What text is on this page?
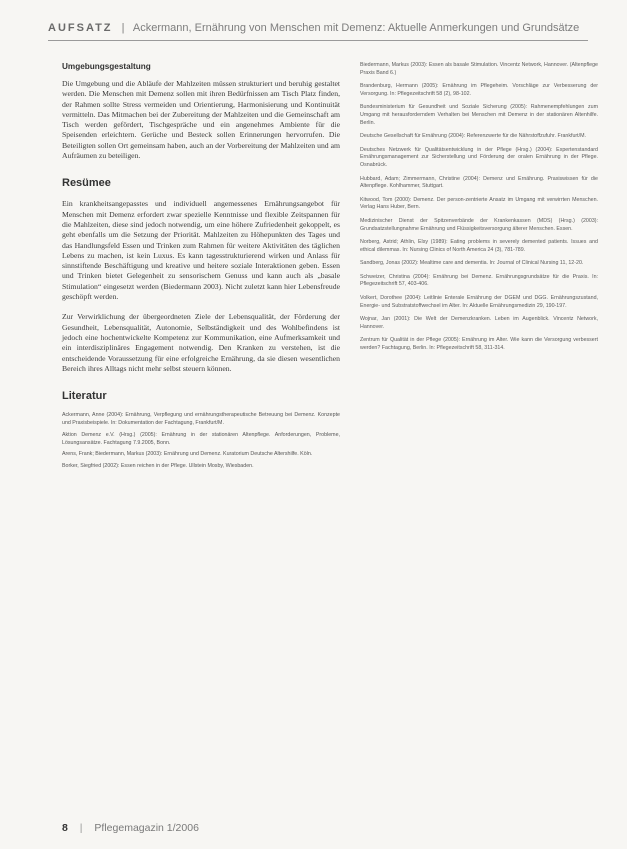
AUFSATZ | Ackermann, Ernährung von Menschen mit Demenz: Aktuelle Anmerkungen und Grundsätze
Umgebungsgestaltung

Die Umgebung und die Abläufe der Mahlzeiten müssen strukturiert und beruhig gestaltet werden. Die Menschen mit Demenz sollen mit ihren Bedürfnissen am Tisch Platz finden, der Rahmen sollte Stress vermeiden und Orientierung, Harmonisierung und Kontinuität vermitteln. Das Mitmachen bei der Zubereitung der Mahlzeiten und die Gemeinschaft am Tisch werden gefördert, Tischgespräche und ein angenehmes Ambiente für die Speisenden erleichtern. Gerüche und Besteck sollen Erinnerungen hervorrufen. Die Beteiligten sollen Ort gemeinsam haben, auch an der Vorbereitung der Mahlzeiten und am Aufräumen zu beteiligen.

Resümee

Ein krankheitsangepasstes und individuell angemessenes Ernährungsangebot für Menschen mit Demenz erfordert zwar spezielle Kenntnisse und flexible Zeitspannen für die Mahlzeiten, diese sind jedoch notwendig, um eine höhere Zufriedenheit gekoppelt, es geht ebenfalls um die Setzung der Priorität. Mahlzeiten zu Höhepunkten des Tages und das Handlungsfeld Essen und Trinken zum Rahmen für weitere Aktivitäten des täglichen Lebens zu machen, ist kein Luxus. Es kann tagesstrukturierend wirken und Anlass für sinnstiftende Beschäftigung und kreative und heitere soziale Interaktionen geben. Essen und Trinken bietet Gelegenheit zu sensorischem Genuss und kann auch als „basale Stimulation“ eingesetzt werden (Biedermann 2003). Nicht zuletzt kann hier Lebensfreude geschöpft werden.

Zur Verwirklichung der übergeordneten Ziele der Lebensqualität, der Förderung der Gesundheit, Lebensqualität, Autonomie, Selbständigkeit und des Wohlbefindens ist jedoch eine hochentwickelte Kompetenz zur Kommunikation, eine Aufmerksamkeit und ein interdisziplinäres Engagement notwendig. Den Kranken zu verstehen, ist die entscheidende Voraussetzung für eine erfolgreiche Ernährung, da sie diesen wesentlichen Bereich ihres Alltags nicht mehr selbst steuern können.

Literatur
Ackermann, Anne (2004): Ernährung, Verpflegung und ernährungstherapeutische Betreuung bei Demenz. Konzepte und Praxisbeispiele. In: Dokumentation der Fachtagung, Frankfurt/M.
Aktion Demenz e.V. (Hrsg.) (2005): Ernährung in der stationären Altenpflege. Anforderungen, Probleme, Lösungsansätze. Fachtagung 7.9.2005, Bonn.
Arens, Frank; Biedermann, Markus (2003): Ernährung und Demenz. Kuratorium Deutsche Altershilfe. Köln.
Borker, Siegfried (2002): Essen reichen in der Pflege. Ullstein Mosby, Wiesbaden.
Biedermann, Markus (2003): Essen als basale Stimulation. Vincentz Network, Hannover. (Altenpflege Praxis Band 6.)
Brandenburg, Hermann (2005): Ernährung im Pflegeheim. Vorschläge zur Verbesserung der Versorgung. In: Pflegezeitschrift 58 (2), 98-102.
Bundesministerium für Gesundheit und Soziale Sicherung (2005): Rahmenempfehlungen zum Umgang mit herausforderndem Verhalten bei Menschen mit Demenz in der stationären Altenhilfe. Berlin.
Deutsche Gesellschaft für Ernährung (2004): Referenzwerte für die Nährstoffzufuhr. Frankfurt/M.
Deutsches Netzwerk für Qualitätsentwicklung in der Pflege (Hrsg.) (2004): Expertenstandard Ernährungsmanagement zur Sicherstellung und Förderung der oralen Ernährung in der Pflege. Osnabrück.
Hubbard, Adam; Zimmermann, Christine (2004): Demenz und Ernährung. Praxiswissen für die Altenpflege. Kohlhammer, Stuttgart.
Kitwood, Tom (2000): Demenz. Der person-zentrierte Ansatz im Umgang mit verwirrten Menschen. Verlag Hans Huber, Bern.
Medizinischer Dienst der Spitzenverbände der Krankenkassen (MDS) (Hrsg.) (2003): Grundsatzstellungnahme Ernährung und Flüssigkeitsversorgung älterer Menschen. Essen.
Norberg, Astrid; Athlin, Elsy (1989): Eating problems in severely demented patients. Issues and ethical dilemmas. In: Nursing Clinics of North America 24 (3), 781-789.
Sandberg, Jonas (2002): Mealtime care and dementia. In: Journal of Clinical Nursing 11, 12-20.
Schweizer, Christina (2004): Ernährung bei Demenz. Ernährungsgrundsätze für die Praxis. In: Pflegezeitschrift 57, 403-406.
Volkert, Dorothee (2004): Leitlinie Enterale Ernährung der DGEM und DGG. Ernährungszustand, Energie- und Substratstoffwechsel im Alter. In: Aktuelle Ernährungsmedizin 29, 190-197.
Wojnar, Jan (2001): Die Welt der Demenzkranken. Leben im Augenblick. Vincentz Network, Hannover.
Zentrum für Qualität in der Pflege (2005): Ernährung im Alter. Wie kann die Versorgung verbessert werden? Fachtagung, Berlin. In: Pflegezeitschrift 58, 311-314.
8 | Pflegemagazin 1/2006
